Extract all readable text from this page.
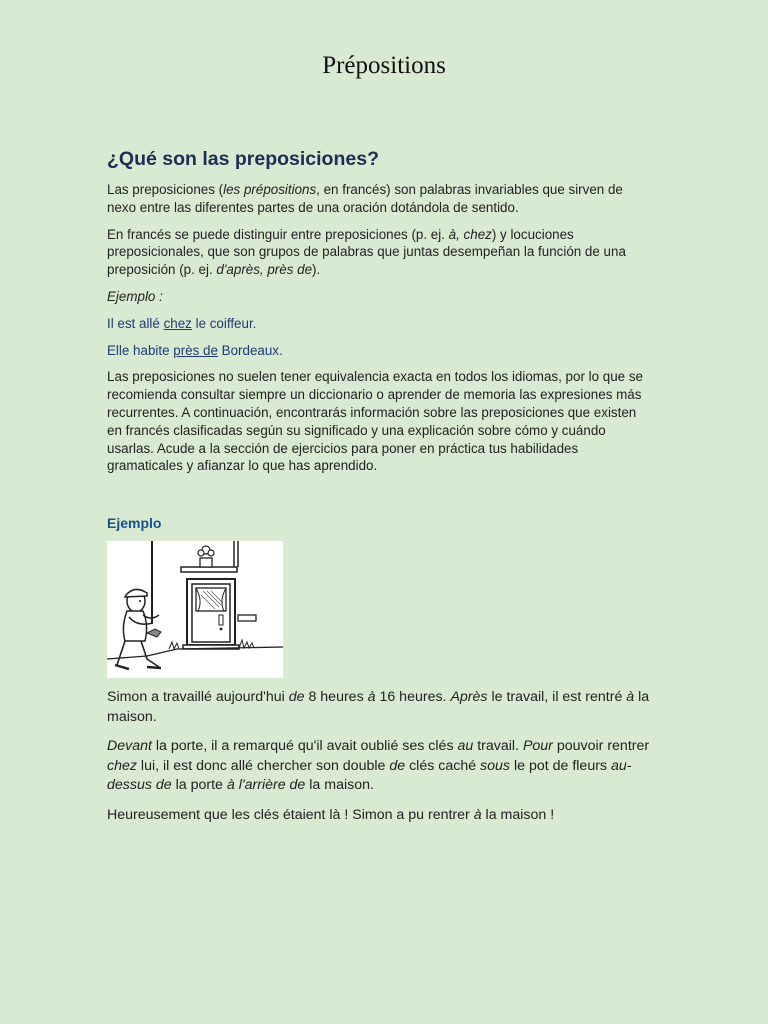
Prépositions
¿Qué son las preposiciones?

Las preposiciones (les prépositions, en francés) son palabras invariables que sirven de nexo entre las diferentes partes de una oración dotándola de sentido.

En francés se puede distinguir entre preposiciones (p. ej. à, chez) y locuciones preposicionales, que son grupos de palabras que juntas desempeñan la función de una preposición (p. ej. d'après, près de).

Ejemplo :

Il est allé chez le coiffeur.

Elle habite près de Bordeaux.

Las preposiciones no suelen tener equivalencia exacta en todos los idiomas, por lo que se recomienda consultar siempre un diccionario o aprender de memoria las expresiones más recurrentes. A continuación, encontrarás información sobre las preposiciones que existen en francés clasificadas según su significado y una explicación sobre cómo y cuándo usarlas. Acude a la sección de ejercicios para poner en práctica tus habilidades gramaticales y afianzar lo que has aprendido.

Ejemplo

Simon a travaillé aujourd'hui de 8 heures à 16 heures. Après le travail, il est rentré à la maison.

Devant la porte, il a remarqué qu'il avait oublié ses clés au travail. Pour pouvoir rentrer chez lui, il est donc allé chercher son double de clés caché sous le pot de fleurs au-dessus de la porte à l'arrière de la maison.

Heureusement que les clés étaient là ! Simon a pu rentrer à la maison !
